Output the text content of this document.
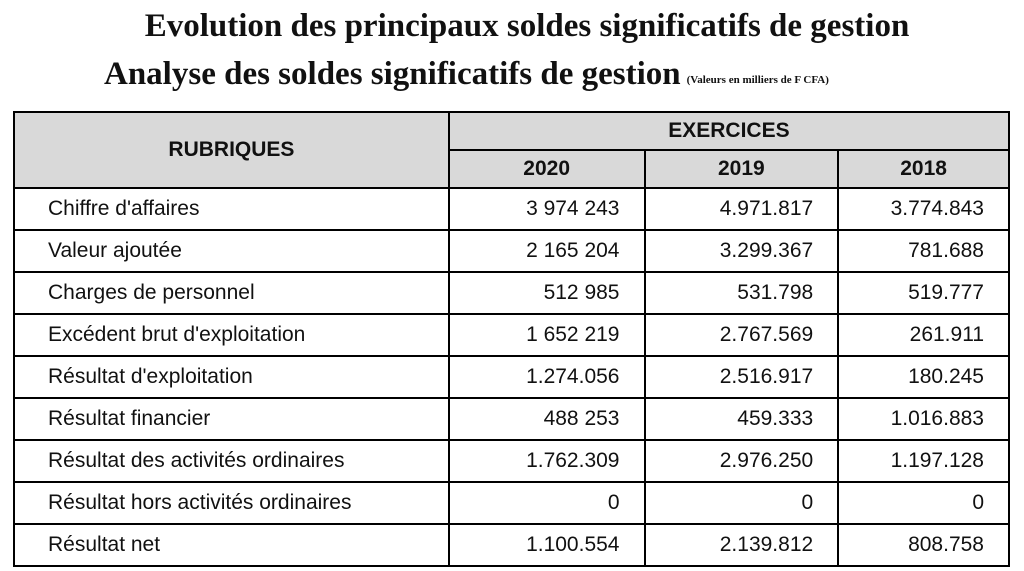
Evolution des principaux soldes significatifs de gestion
Analyse des soldes significatifs de gestion (Valeurs en milliers de F CFA)
RUBRIQUES	EXERCICES		
	2020	2019	2018
Chiffre d'affaires	3 974 243	4.971.817	3.774.843
Valeur ajoutée	2 165 204	3.299.367	781.688
Charges de personnel	512 985	531.798	519.777
Excédent brut d'exploitation	1 652 219	2.767.569	261.911
Résultat d'exploitation	1.274.056	2.516.917	180.245
Résultat financier	488 253	459.333	1.016.883
Résultat des activités ordinaires	1.762.309	2.976.250	1.197.128
Résultat hors activités ordinaires	0	0	0
Résultat net	1.100.554	2.139.812	808.758
